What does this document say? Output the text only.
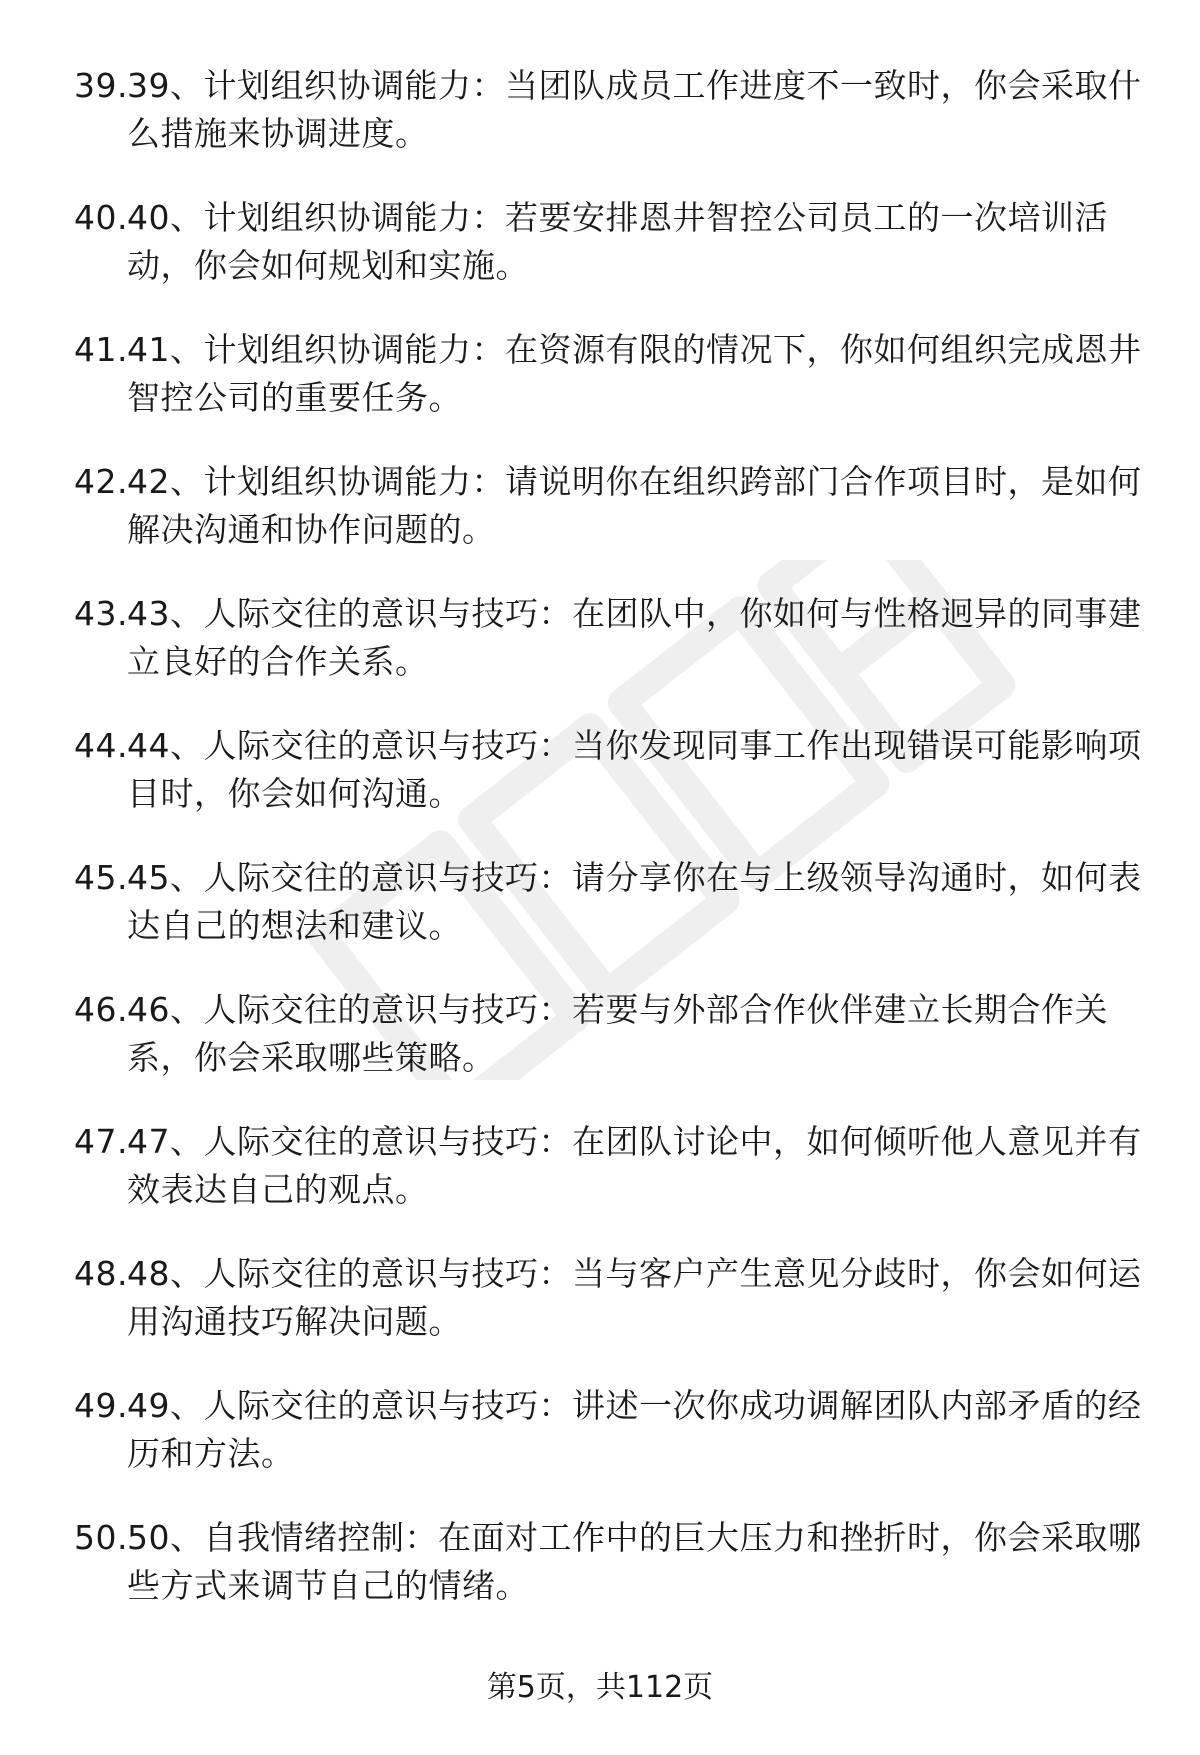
39. 39、计划组织协调能力：当团队成员工作进度不一致时，你会采取什么措施来协调进度。
40. 40、计划组织协调能力：若要安排恩井智控公司员工的一次培训活动，你会如何规划和实施。
41. 41、计划组织协调能力：在资源有限的情况下，你如何组织完成恩井智控公司的重要任务。
42. 42、计划组织协调能力：请说明你在组织跨部门合作项目时，是如何解决沟通和协作问题的。
43. 43、人际交往的意识与技巧：在团队中，你如何与性格迥异的同事建立良好的合作关系。
44. 44、人际交往的意识与技巧：当你发现同事工作出现错误可能影响项目时，你会如何沟通。
45. 45、人际交往的意识与技巧：请分享你在与上级领导沟通时，如何表达自己的想法和建议。
46. 46、人际交往的意识与技巧：若要与外部合作伙伴建立长期合作关系，你会采取哪些策略。
47. 47、人际交往的意识与技巧：在团队讨论中，如何倾听他人意见并有效表达自己的观点。
48. 48、人际交往的意识与技巧：当与客户产生意见分歧时，你会如何运用沟通技巧解决问题。
49. 49、人际交往的意识与技巧：讲述一次你成功调解团队内部矛盾的经历和方法。
50. 50、自我情绪控制：在面对工作中的巨大压力和挫折时，你会采取哪些方式来调节自己的情绪。
第5页，共112页
